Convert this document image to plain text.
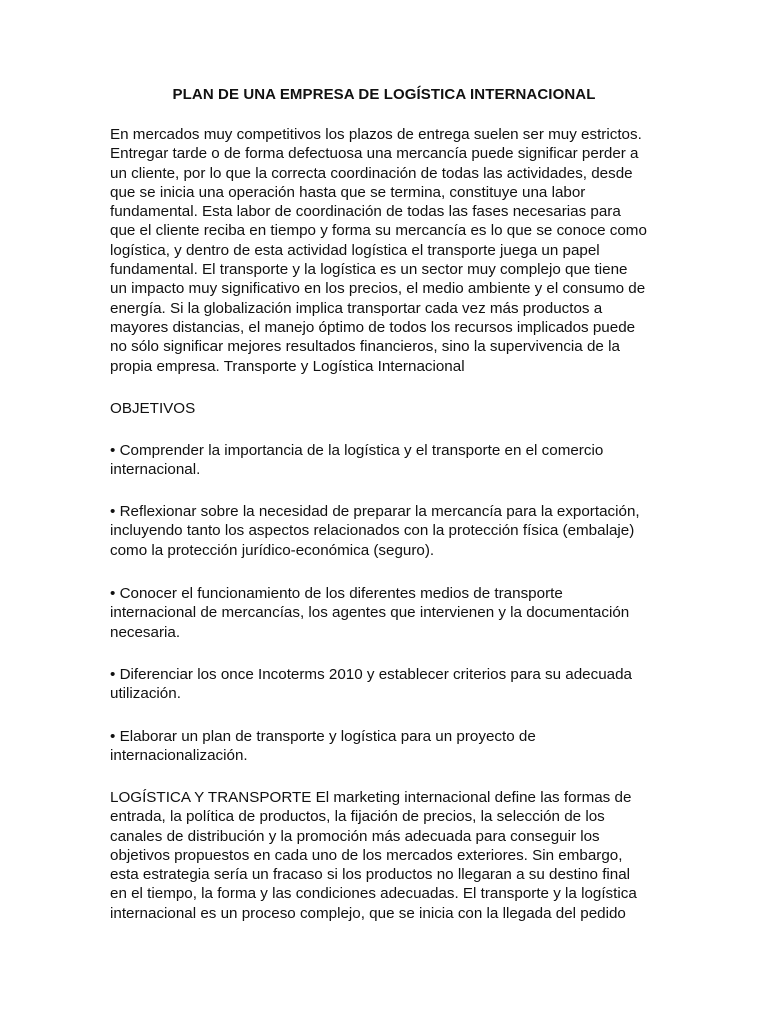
PLAN DE UNA EMPRESA DE LOGÍSTICA INTERNACIONAL
En mercados muy competitivos los plazos de entrega suelen ser muy estrictos.
Entregar tarde o de forma defectuosa una mercancía puede significar perder a
un cliente, por lo que la correcta coordinación de todas las actividades, desde
que se inicia una operación hasta que se termina, constituye una labor
fundamental. Esta labor de coordinación de todas las fases necesarias para
que el cliente reciba en tiempo y forma su mercancía es lo que se conoce como
logística, y dentro de esta actividad logística el transporte juega un papel
fundamental. El transporte y la logística es un sector muy complejo que tiene
un impacto muy significativo en los precios, el medio ambiente y el consumo de
energía. Si la globalización implica transportar cada vez más productos a
mayores distancias, el manejo óptimo de todos los recursos implicados puede
no sólo significar mejores resultados financieros, sino la supervivencia de la
propia empresa. Transporte y Logística Internacional
OBJETIVOS
• Comprender la importancia de la logística y el transporte en el comercio
internacional.
• Reflexionar sobre la necesidad de preparar la mercancía para la exportación,
incluyendo tanto los aspectos relacionados con la protección física (embalaje)
como la protección jurídico-económica (seguro).
• Conocer el funcionamiento de los diferentes medios de transporte
internacional de mercancías, los agentes que intervienen y la documentación
necesaria.
• Diferenciar los once Incoterms 2010 y establecer criterios para su adecuada
utilización.
• Elaborar un plan de transporte y logística para un proyecto de
internacionalización.
LOGÍSTICA Y TRANSPORTE El marketing internacional define las formas de
entrada, la política de productos, la fijación de precios, la selección de los
canales de distribución y la promoción más adecuada para conseguir los
objetivos propuestos en cada uno de los mercados exteriores. Sin embargo,
esta estrategia sería un fracaso si los productos no llegaran a su destino final
en el tiempo, la forma y las condiciones adecuadas. El transporte y la logística
internacional es un proceso complejo, que se inicia con la llegada del pedido
